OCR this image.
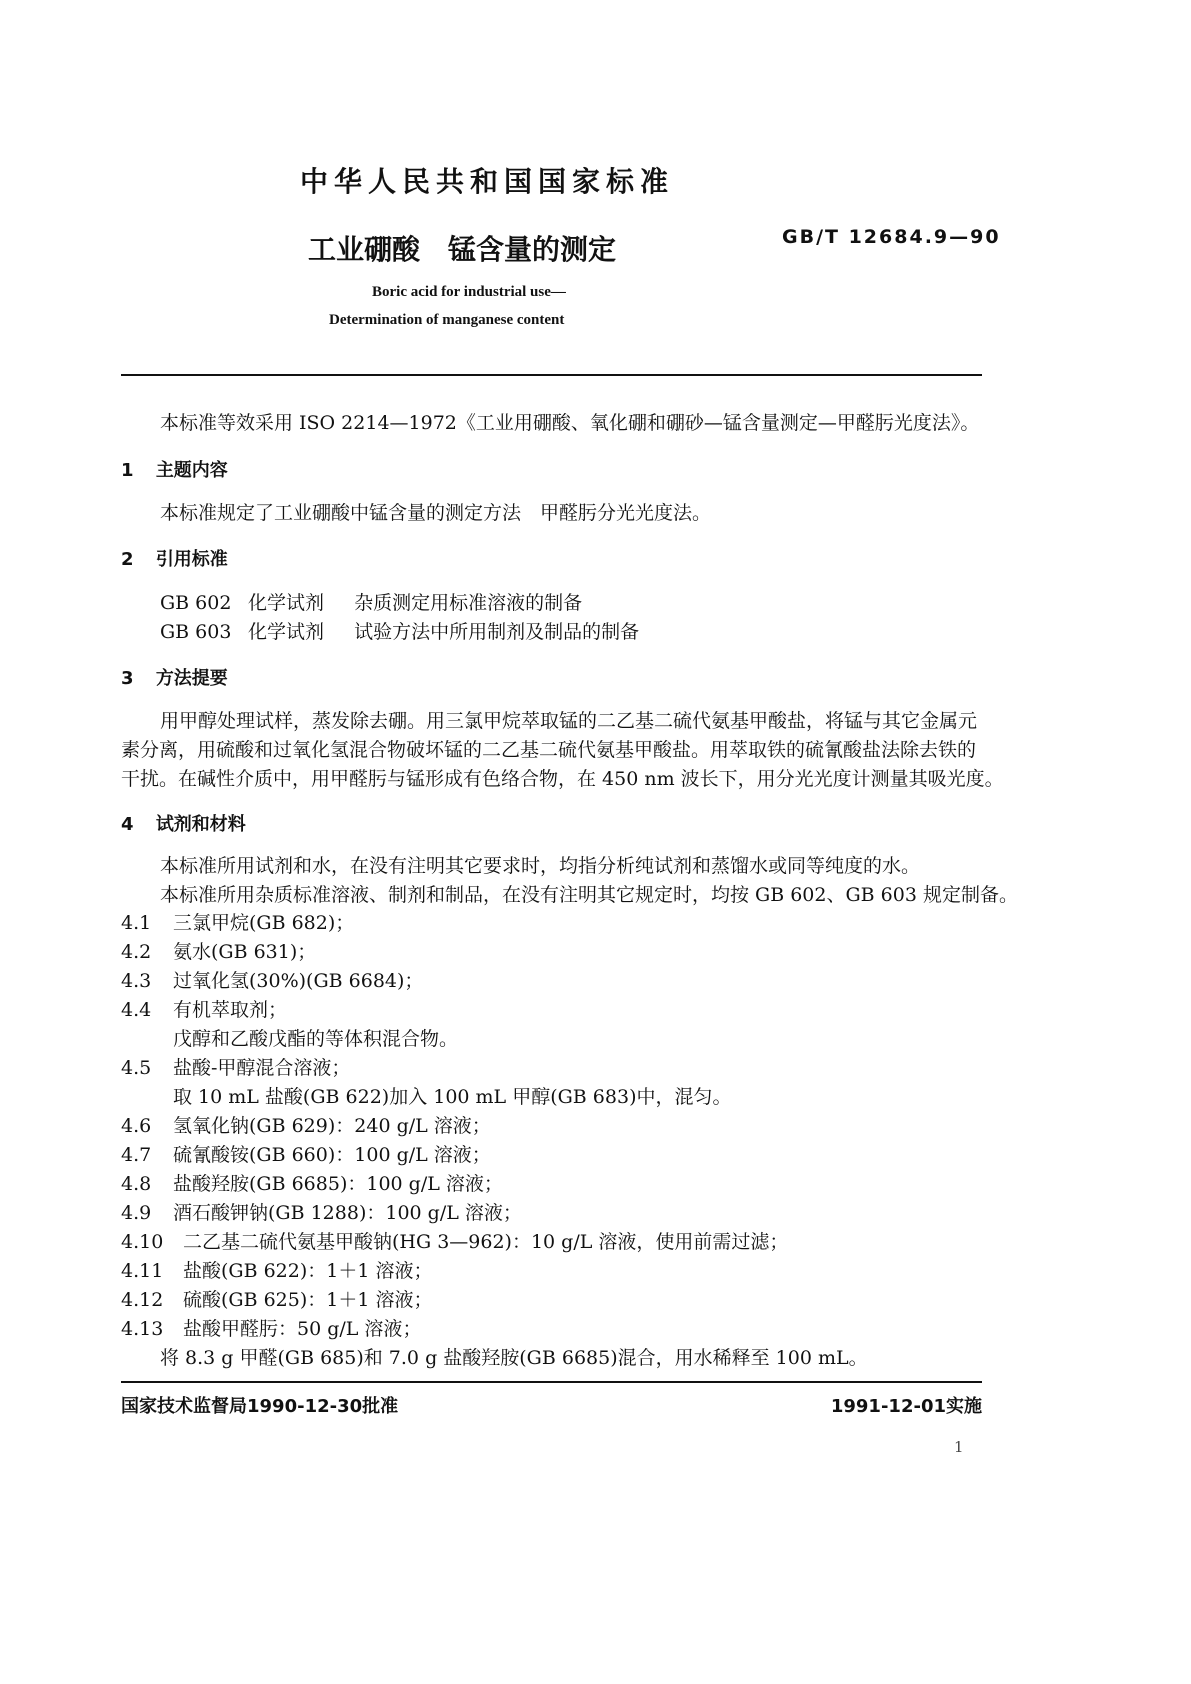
中华人民共和国国家标准
工业硼酸　锰含量的测定	GB/T 12684.9—90
Boric acid for industrial use—
Determination of manganese content
本标准等效采用 ISO 2214—1972《工业用硼酸、氧化硼和硼砂—锰含量测定—甲醛肟光度法》。
1 主题内容
本标准规定了工业硼酸中锰含量的测定方法　甲醛肟分光光度法。
2 引用标准
GB 602 化学试剂 杂质测定用标准溶液的制备
GB 603 化学试剂 试验方法中所用制剂及制品的制备
3 方法提要
用甲醇处理试样，蒸发除去硼。用三氯甲烷萃取锰的二乙基二硫代氨基甲酸盐，将锰与其它金属元
素分离，用硫酸和过氧化氢混合物破坏锰的二乙基二硫代氨基甲酸盐。用萃取铁的硫氰酸盐法除去铁的
干扰。在碱性介质中，用甲醛肟与锰形成有色络合物，在 450 nm 波长下，用分光光度计测量其吸光度。
4 试剂和材料
本标准所用试剂和水，在没有注明其它要求时，均指分析纯试剂和蒸馏水或同等纯度的水。
本标准所用杂质标准溶液、制剂和制品，在没有注明其它规定时，均按 GB 602、GB 603 规定制备。
4.1 三氯甲烷(GB 682)；
4.2 氨水(GB 631)；
4.3 过氧化氢(30%)(GB 6684)；
4.4 有机萃取剂；
戊醇和乙酸戊酯的等体积混合物。
4.5 盐酸-甲醇混合溶液；
取 10 mL 盐酸(GB 622)加入 100 mL 甲醇(GB 683)中，混匀。
4.6 氢氧化钠(GB 629)：240 g/L 溶液；
4.7 硫氰酸铵(GB 660)：100 g/L 溶液；
4.8 盐酸羟胺(GB 6685)：100 g/L 溶液；
4.9 酒石酸钾钠(GB 1288)：100 g/L 溶液；
4.10 二乙基二硫代氨基甲酸钠(HG 3—962)：10 g/L 溶液，使用前需过滤；
4.11 盐酸(GB 622)：1＋1 溶液；
4.12 硫酸(GB 625)：1＋1 溶液；
4.13 盐酸甲醛肟：50 g/L 溶液；
将 8.3 g 甲醛(GB 685)和 7.0 g 盐酸羟胺(GB 6685)混合，用水稀释至 100 mL。
国家技术监督局1990-12-30批准	1991-12-01实施
1
